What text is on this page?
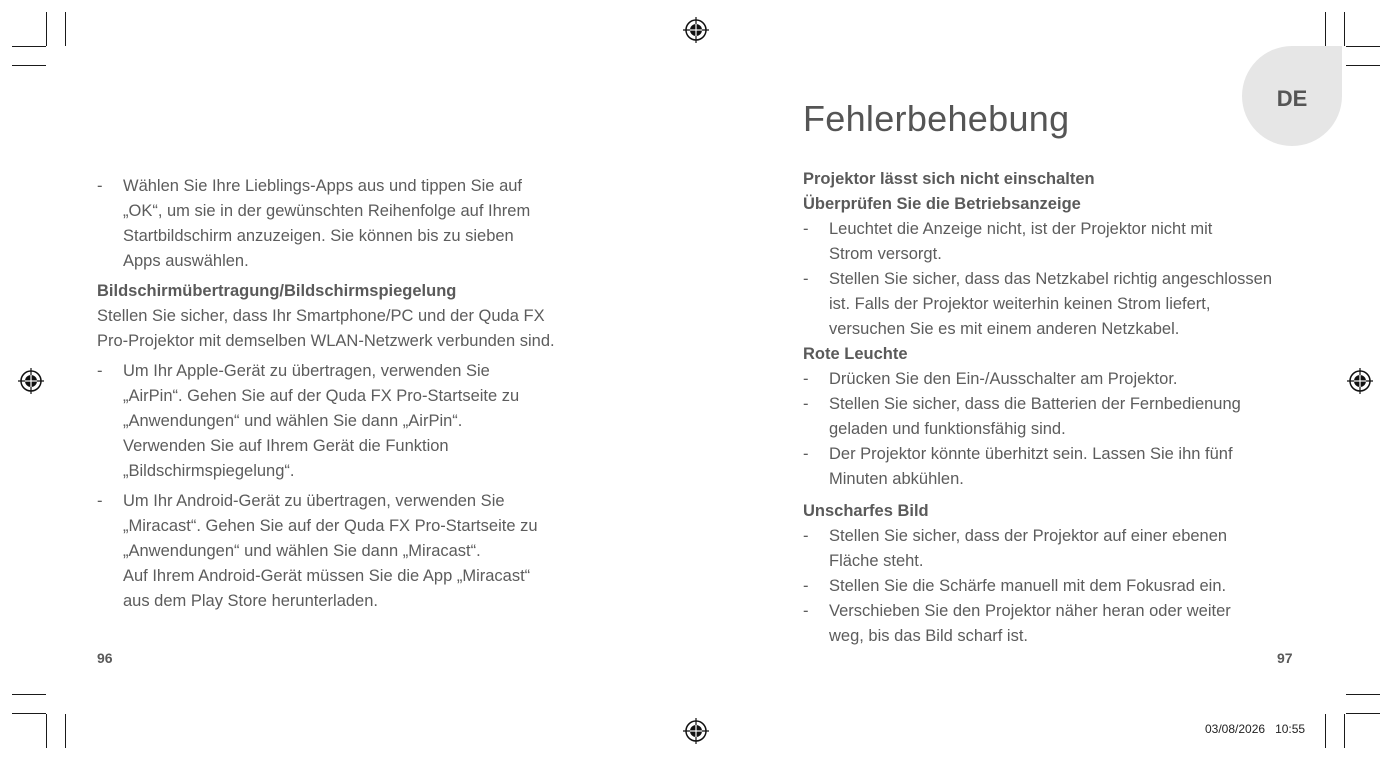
- Wählen Sie Ihre Lieblings-Apps aus und tippen Sie auf
„OK“, um sie in der gewünschten Reihenfolge auf Ihrem
Startbildschirm anzuzeigen. Sie können bis zu sieben
Apps auswählen.
Bildschirmübertragung/Bildschirmspiegelung
Stellen Sie sicher, dass Ihr Smartphone/PC und der Quda FX
Pro-Projektor mit demselben WLAN-Netzwerk verbunden sind.
- Um Ihr Apple-Gerät zu übertragen, verwenden Sie
„AirPin“. Gehen Sie auf der Quda FX Pro-Startseite zu
„Anwendungen“ und wählen Sie dann „AirPin“.
Verwenden Sie auf Ihrem Gerät die Funktion
„Bildschirmspiegelung“.
- Um Ihr Android-Gerät zu übertragen, verwenden Sie
„Miracast“. Gehen Sie auf der Quda FX Pro-Startseite zu
„Anwendungen“ und wählen Sie dann „Miracast“.
Auf Ihrem Android-Gerät müssen Sie die App „Miracast“
aus dem Play Store herunterladen.
96
DE
Fehlerbehebung
Projektor lässt sich nicht einschalten
Überprüfen Sie die Betriebsanzeige
- Leuchtet die Anzeige nicht, ist der Projektor nicht mit
Strom versorgt.
- Stellen Sie sicher, dass das Netzkabel richtig angeschlossen
ist. Falls der Projektor weiterhin keinen Strom liefert,
versuchen Sie es mit einem anderen Netzkabel.
Rote Leuchte
- Drücken Sie den Ein-/Ausschalter am Projektor.
- Stellen Sie sicher, dass die Batterien der Fernbedienung
geladen und funktionsfähig sind.
- Der Projektor könnte überhitzt sein. Lassen Sie ihn fünf
Minuten abkühlen.
Unscharfes Bild
- Stellen Sie sicher, dass der Projektor auf einer ebenen
Fläche steht.
- Stellen Sie die Schärfe manuell mit dem Fokusrad ein.
- Verschieben Sie den Projektor näher heran oder weiter
weg, bis das Bild scharf ist.
97
03/08/2026 10:55
